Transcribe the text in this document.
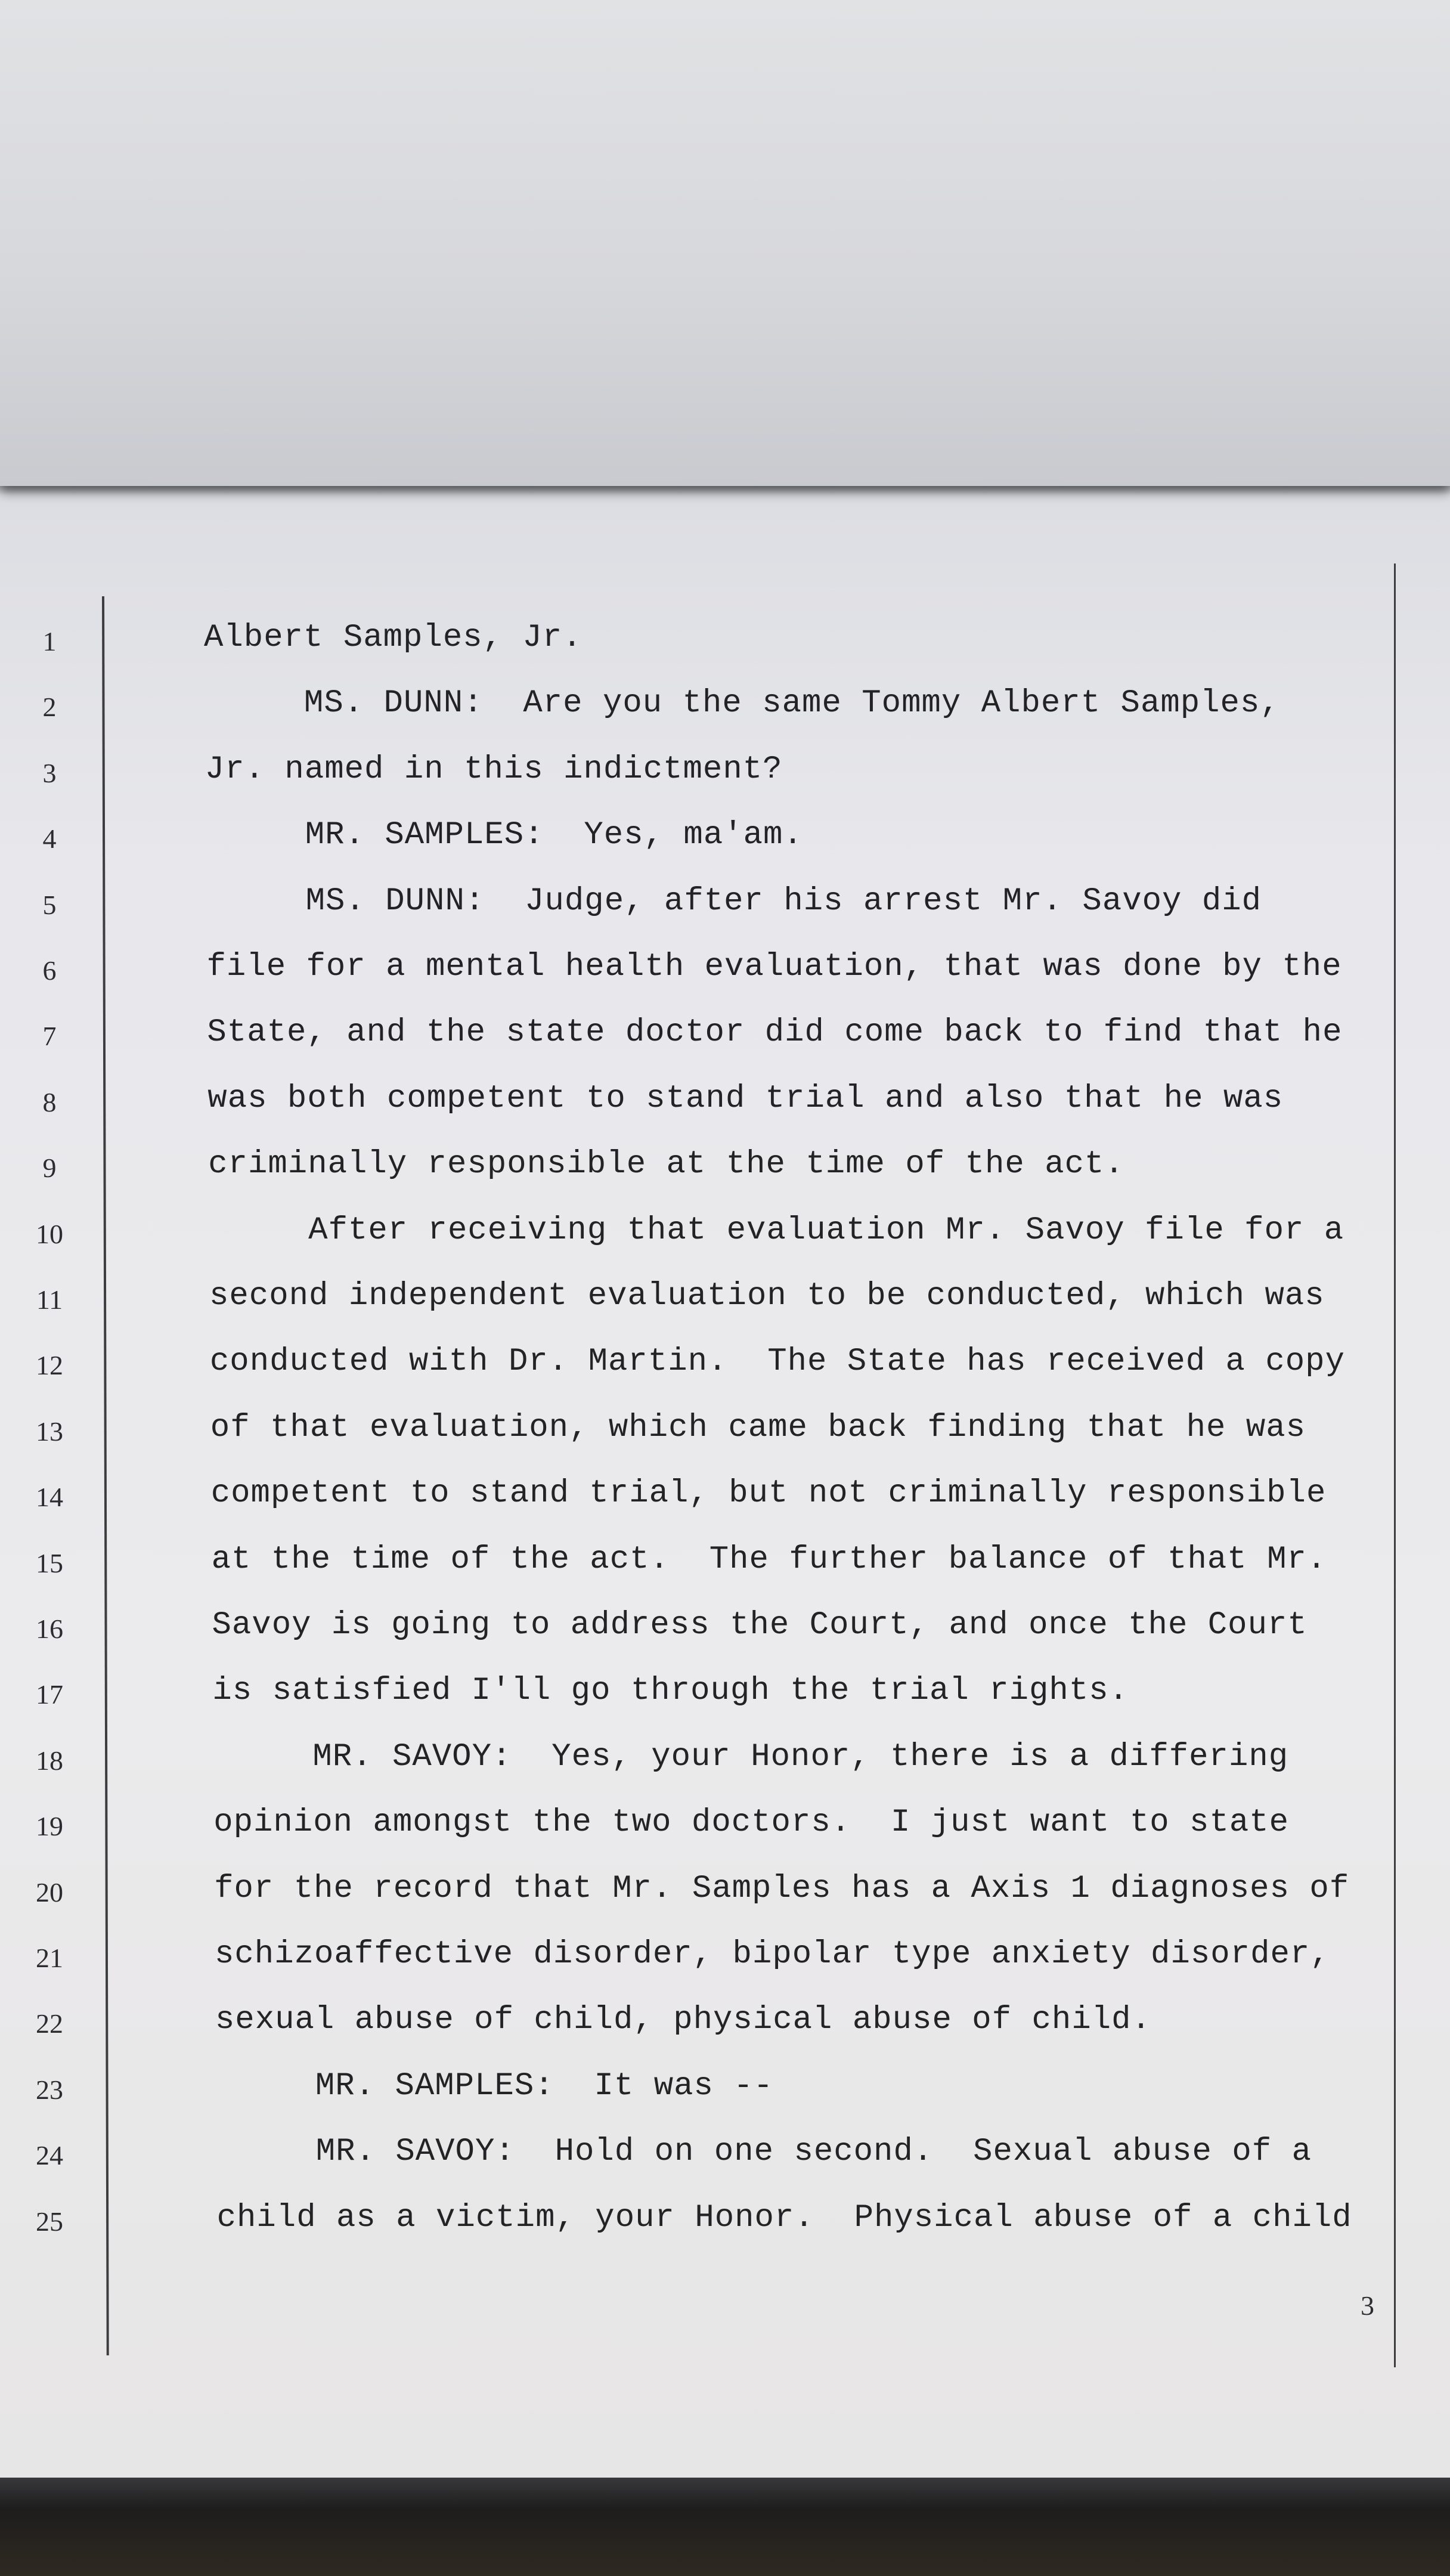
1	Albert Samples, Jr.
2	MS. DUNN:  Are you the same Tommy Albert Samples,
3	Jr. named in this indictment?
4	MR. SAMPLES:  Yes, ma'am.
5	MS. DUNN:  Judge, after his arrest Mr. Savoy did
6	file for a mental health evaluation, that was done by the
7	State, and the state doctor did come back to find that he
8	was both competent to stand trial and also that he was
9	criminally responsible at the time of the act.
10	After receiving that evaluation Mr. Savoy file for a
11	second independent evaluation to be conducted, which was
12	conducted with Dr. Martin.  The State has received a copy
13	of that evaluation, which came back finding that he was
14	competent to stand trial, but not criminally responsible
15	at the time of the act.  The further balance of that Mr.
16	Savoy is going to address the Court, and once the Court
17	is satisfied I'll go through the trial rights.
18	MR. SAVOY:  Yes, your Honor, there is a differing
19	opinion amongst the two doctors.  I just want to state
20	for the record that Mr. Samples has a Axis 1 diagnoses of
21	schizoaffective disorder, bipolar type anxiety disorder,
22	sexual abuse of child, physical abuse of child.
23	MR. SAMPLES:  It was --
24	MR. SAVOY:  Hold on one second.  Sexual abuse of a
25	child as a victim, your Honor.  Physical abuse of a child
3
